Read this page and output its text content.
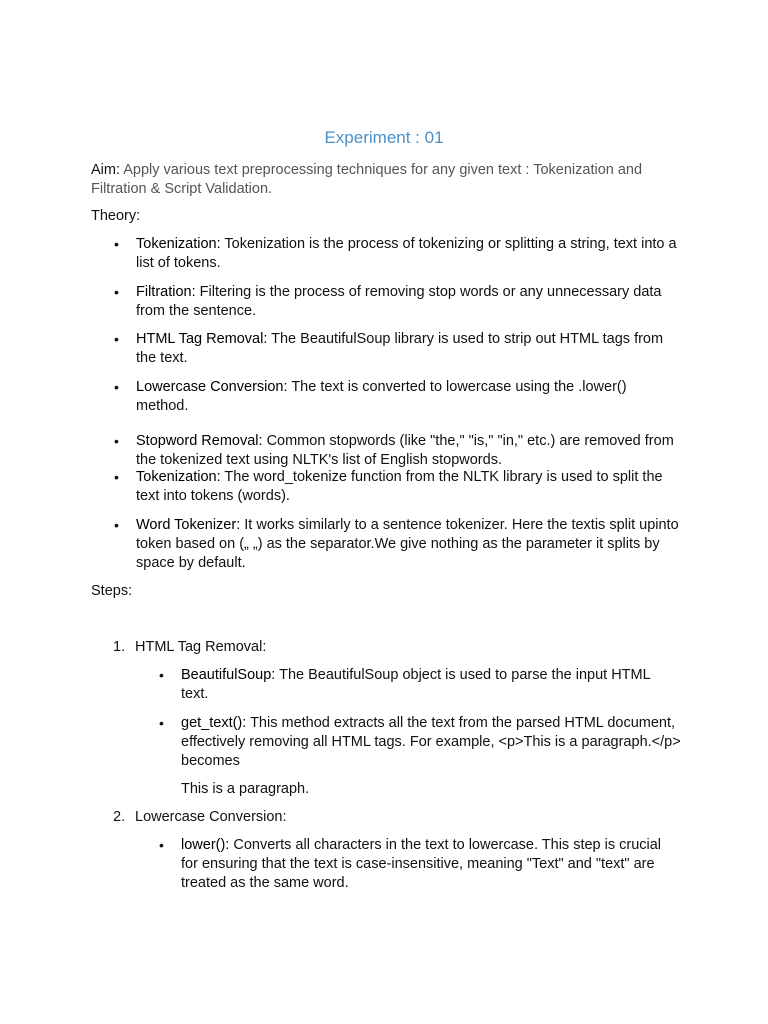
Experiment : 01
Aim: Apply various text preprocessing techniques for any given text : Tokenization and Filtration & Script Validation.
Theory:
• Tokenization: Tokenization is the process of tokenizing or splitting a string, text into a list of tokens.
• Filtration: Filtering is the process of removing stop words or any unnecessary data from the sentence.
• HTML Tag Removal: The BeautifulSoup library is used to strip out HTML tags from the text.
• Lowercase Conversion: The text is converted to lowercase using the .lower() method.
• Stopword Removal: Common stopwords (like "the," "is," "in," etc.) are removed from the tokenized text using NLTK's list of English stopwords.
• Tokenization: The word_tokenize function from the NLTK library is used to split the text into tokens (words).
• Word Tokenizer: It works similarly to a sentence tokenizer. Here the textis split upinto token based on („ „) as the separator.We give nothing as the parameter it splits by space by default.
Steps:
1. HTML Tag Removal:
• BeautifulSoup: The BeautifulSoup object is used to parse the input HTML text.
• get_text(): This method extracts all the text from the parsed HTML document, effectively removing all HTML tags. For example, <p>This is a paragraph.</p> becomes
This is a paragraph.
2. Lowercase Conversion:
• lower(): Converts all characters in the text to lowercase. This step is crucial for ensuring that the text is case-insensitive, meaning "Text" and "text" are treated as the same word.
